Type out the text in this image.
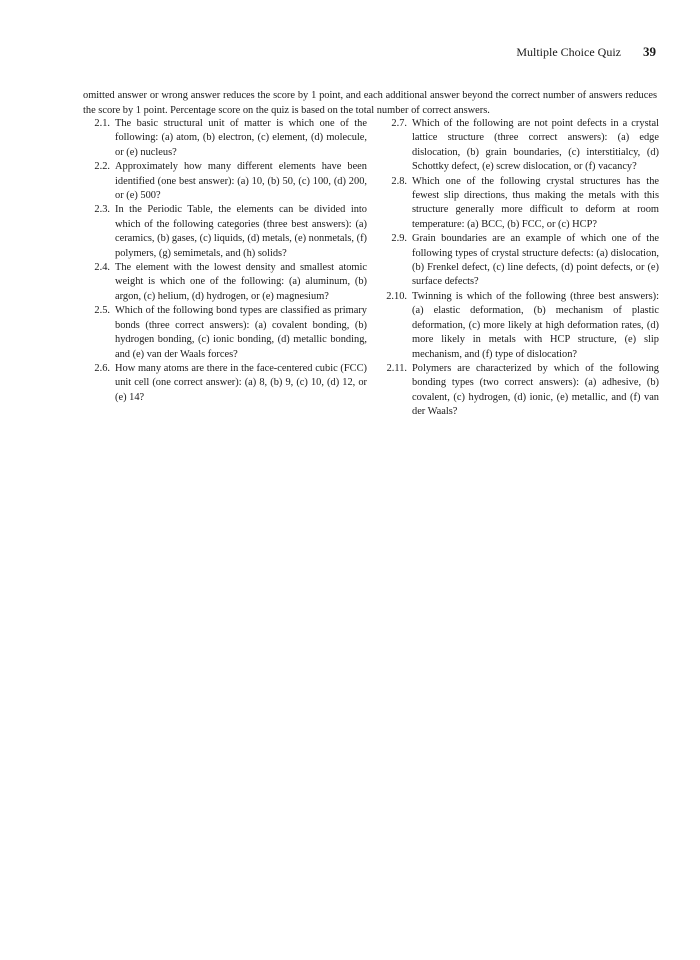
Multiple Choice Quiz 39

omitted answer or wrong answer reduces the score by 1 point, and each additional answer beyond the correct number of answers reduces the score by 1 point. Percentage score on the quiz is based on the total number of correct answers.

2.1. The basic structural unit of matter is which one of the following: (a) atom, (b) electron, (c) element, (d) molecule, or (e) nucleus?
2.2. Approximately how many different elements have been identified (one best answer): (a) 10, (b) 50, (c) 100, (d) 200, or (e) 500?
2.3. In the Periodic Table, the elements can be divided into which of the following categories (three best answers): (a) ceramics, (b) gases, (c) liquids, (d) metals, (e) nonmetals, (f) polymers, (g) semimetals, and (h) solids?
2.4. The element with the lowest density and smallest atomic weight is which one of the following: (a) aluminum, (b) argon, (c) helium, (d) hydrogen, or (e) magnesium?
2.5. Which of the following bond types are classified as primary bonds (three correct answers): (a) covalent bonding, (b) hydrogen bonding, (c) ionic bonding, (d) metallic bonding, and (e) van der Waals forces?
2.6. How many atoms are there in the face-centered cubic (FCC) unit cell (one correct answer): (a) 8, (b) 9, (c) 10, (d) 12, or (e) 14?
2.7. Which of the following are not point defects in a crystal lattice structure (three correct answers): (a) edge dislocation, (b) grain boundaries, (c) interstitialcy, (d) Schottky defect, (e) screw dislocation, or (f) vacancy?
2.8. Which one of the following crystal structures has the fewest slip directions, thus making the metals with this structure generally more difficult to deform at room temperature: (a) BCC, (b) FCC, or (c) HCP?
2.9. Grain boundaries are an example of which one of the following types of crystal structure defects: (a) dislocation, (b) Frenkel defect, (c) line defects, (d) point defects, or (e) surface defects?
2.10. Twinning is which of the following (three best answers): (a) elastic deformation, (b) mechanism of plastic deformation, (c) more likely at high deformation rates, (d) more likely in metals with HCP structure, (e) slip mechanism, and (f) type of dislocation?
2.11. Polymers are characterized by which of the following bonding types (two correct answers): (a) adhesive, (b) covalent, (c) hydrogen, (d) ionic, (e) metallic, and (f) van der Waals?
